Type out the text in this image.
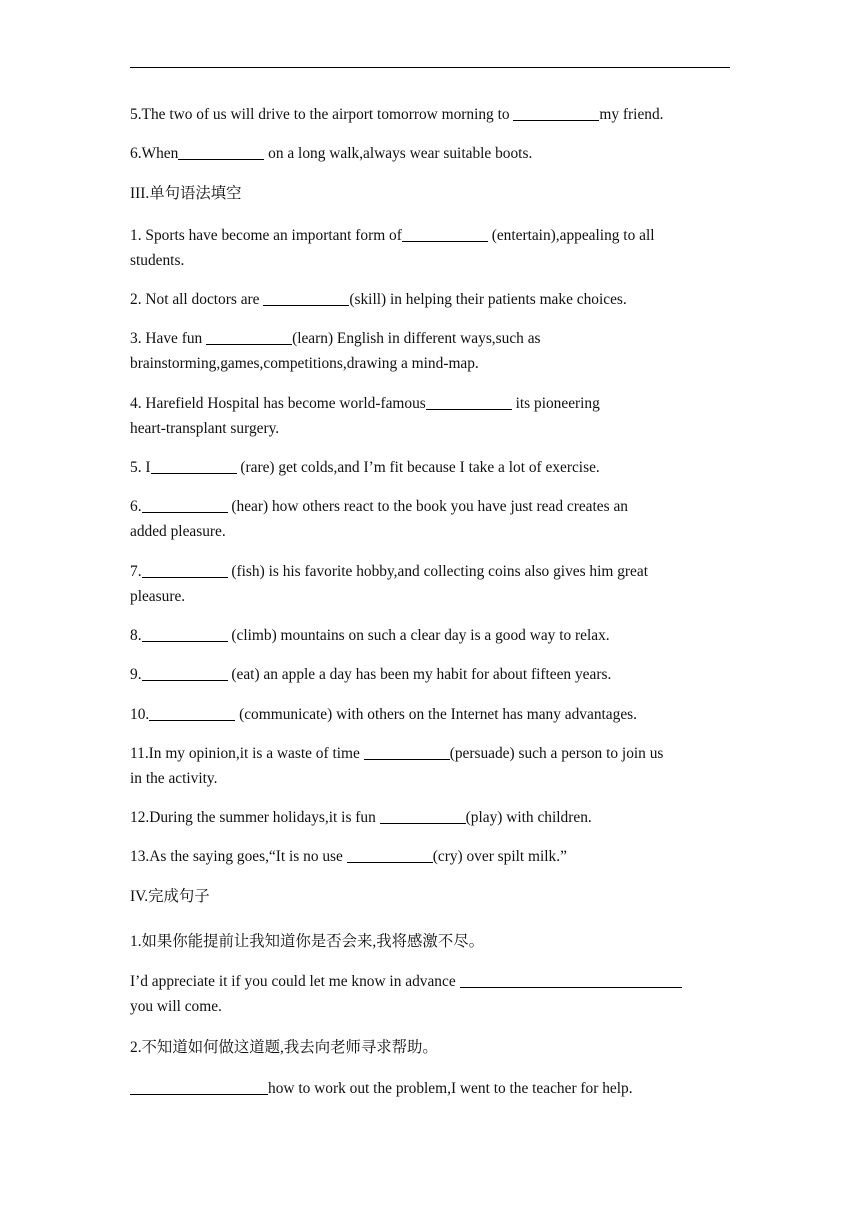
5.The two of us will drive to the airport tomorrow morning to	my friend.
6.When	on a long walk,always wear suitable boots.
III.单句语法填空
1. Sports have become an important form of	(entertain),appealing to all
students.
2. Not all doctors are	(skill) in helping their patients make choices.
3. Have fun	(learn) English in different ways,such as
brainstorming,games,competitions,drawing a mind-map.
4. Harefield Hospital has become world-famous	its pioneering
heart-transplant surgery.
5. I	(rare) get colds,and I’m fit because I take a lot of exercise.
6.	(hear) how others react to the book you have just read creates an
added pleasure.
7.	(fish) is his favorite hobby,and collecting coins also gives him great
pleasure.
8.	(climb) mountains on such a clear day is a good way to relax.
9.	(eat) an apple a day has been my habit for about fifteen years.
10.	(communicate) with others on the Internet has many advantages.
11.In my opinion,it is a waste of time	(persuade) such a person to join us
in the activity.
12.During the summer holidays,it is fun	(play) with children.
13.As the saying goes,“It is no use	(cry) over spilt milk.”
IV.完成句子
1.如果你能提前让我知道你是否会来,我将感激不尽。
I’d appreciate it if you could let me know in advance
you will come.
2.不知道如何做这道题,我去向老师寻求帮助。
how to work out the problem,I went to the teacher for help.
